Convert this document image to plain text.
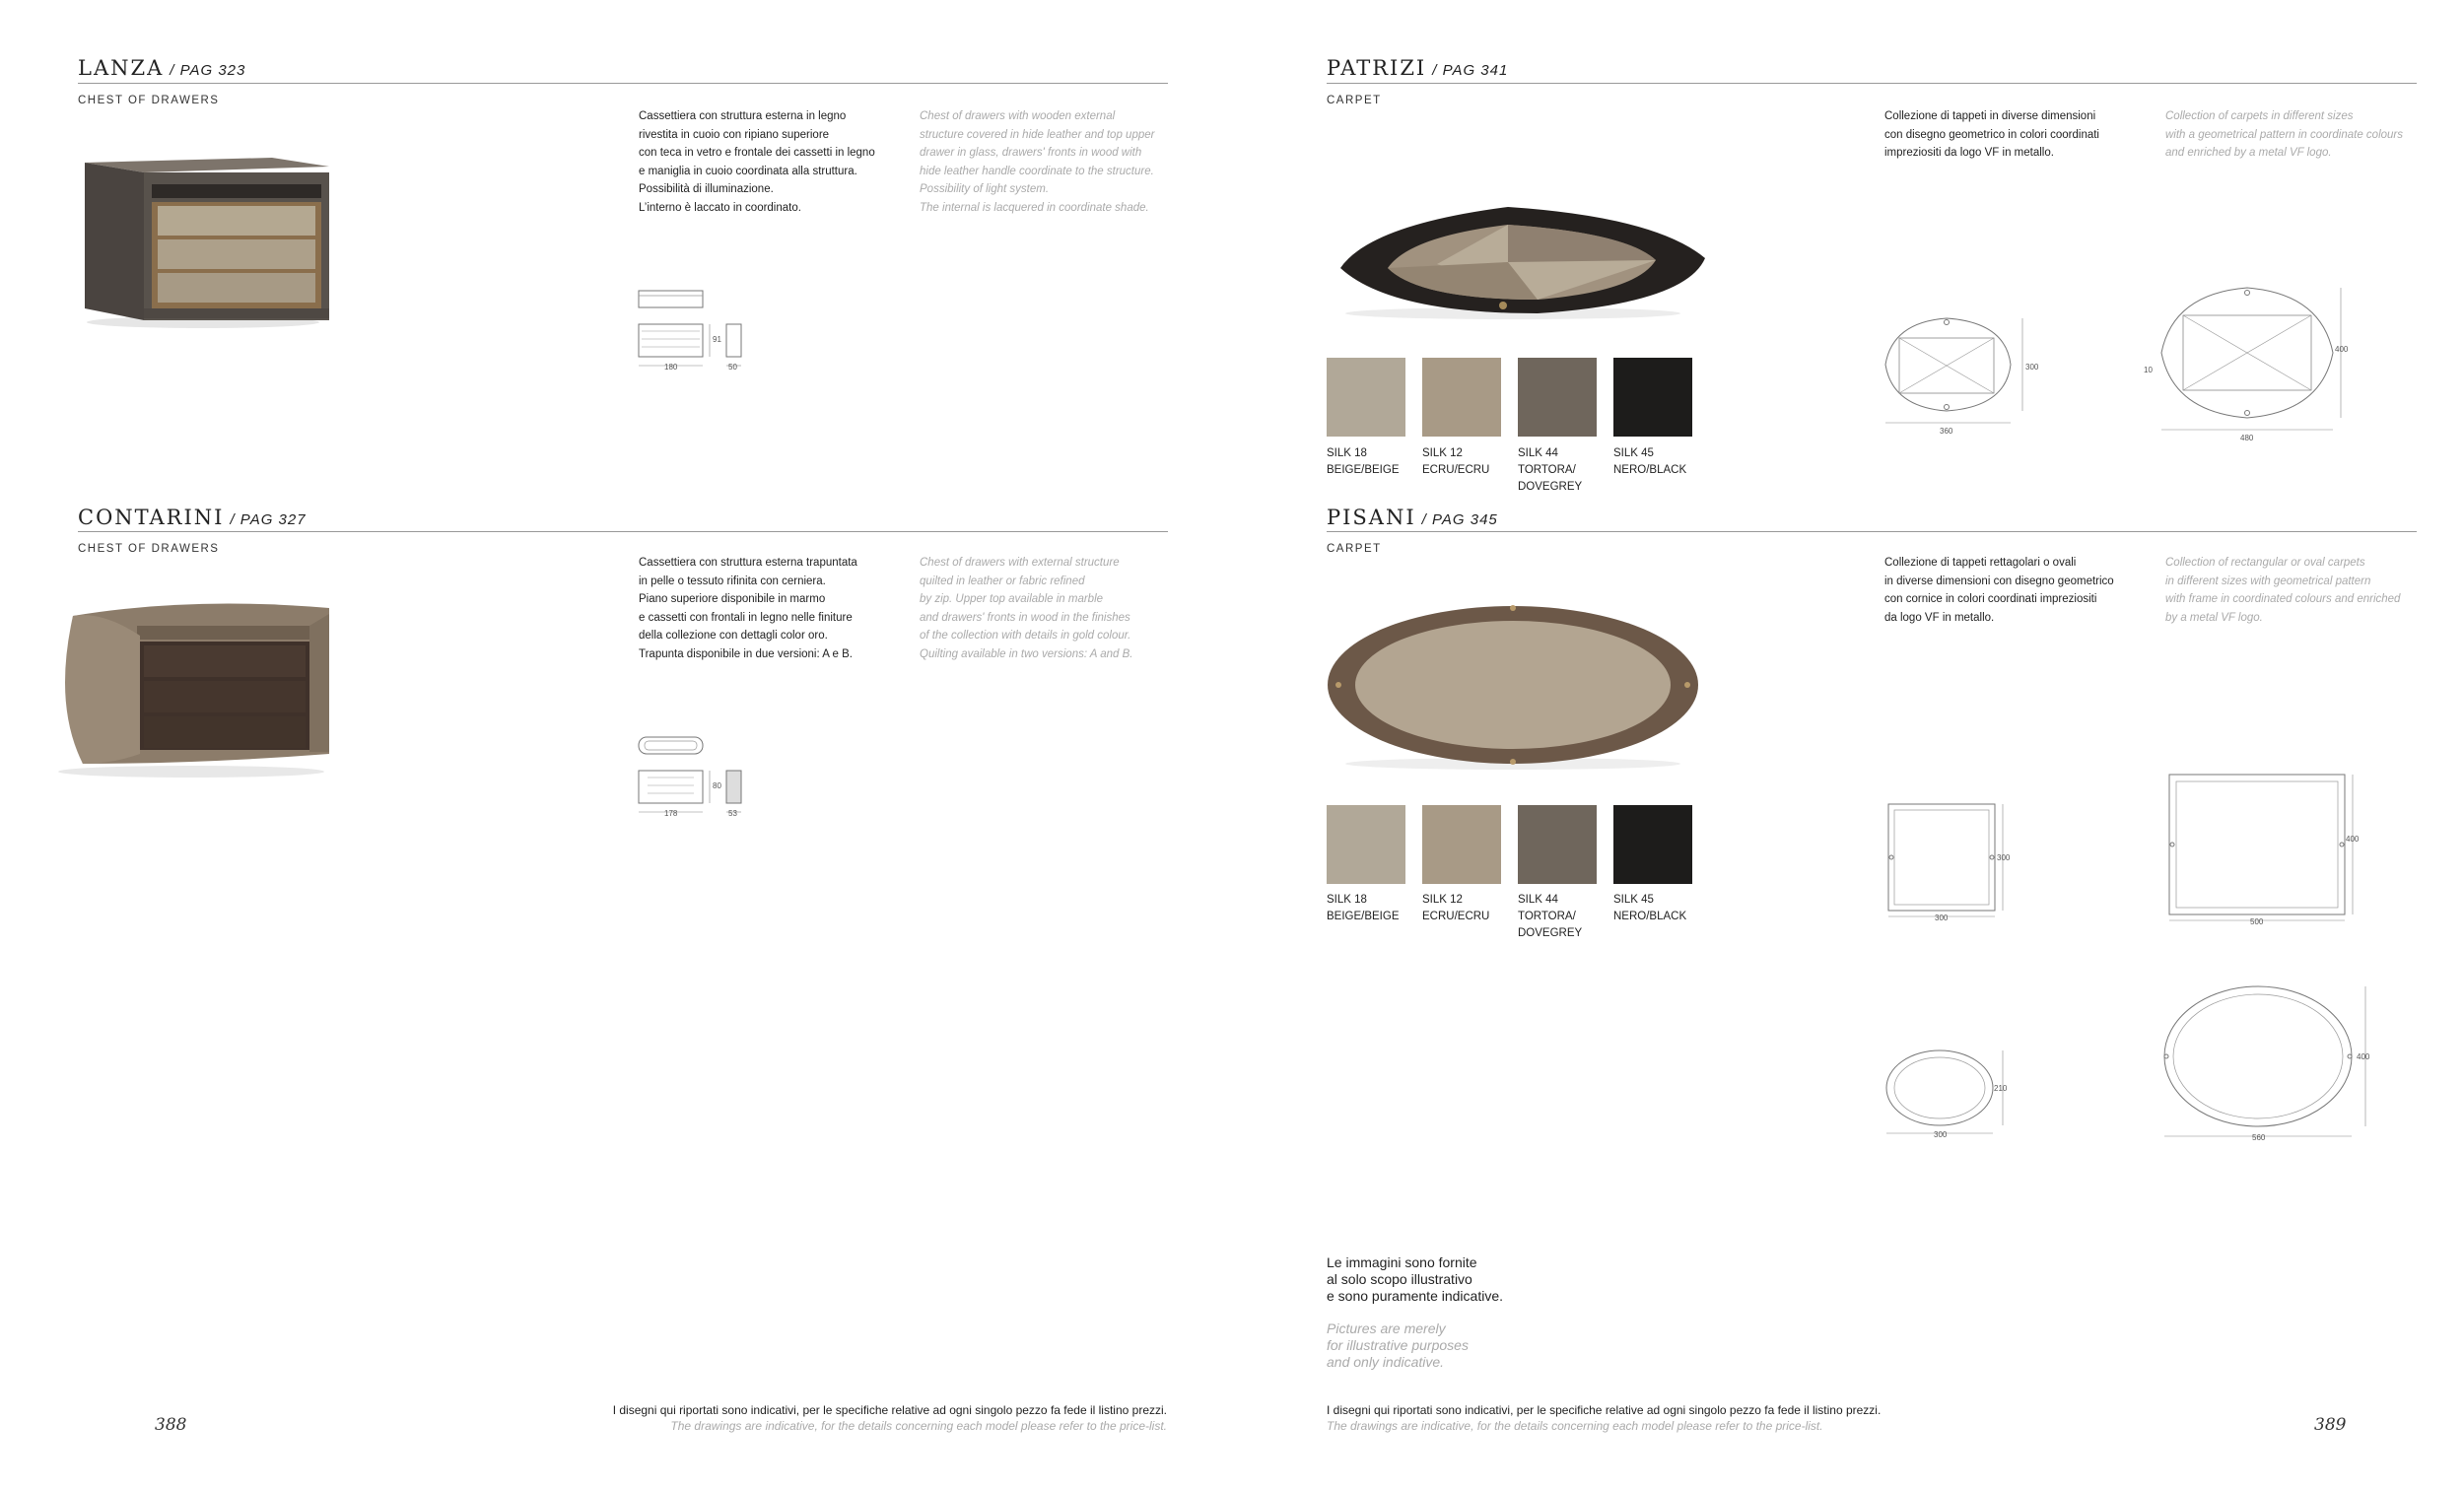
LANZA / PAG 323
CHEST OF DRAWERS
Cassettiera con struttura esterna in legno
rivestita in cuoio con ripiano superiore
con teca in vetro e frontale dei cassetti in legno
e maniglia in cuoio coordinata alla struttura.
Possibilità di illuminazione.
L’interno è laccato in coordinato.
Chest of drawers with wooden external
structure covered in hide leather and top upper
drawer in glass, drawers' fronts in wood with
hide leather handle coordinate to the structure.
Possibility of light system.
The internal is lacquered in coordinate shade.
91
180	50
CONTARINI / PAG 327
CHEST OF DRAWERS
Cassettiera con struttura esterna trapuntata
in pelle o tessuto rifinita con cerniera.
Piano superiore disponibile in marmo
e cassetti con frontali in legno nelle finiture
della collezione con dettagli color oro.
Trapunta disponibile in due versioni: A e B.
Chest of drawers with external structure
quilted in leather or fabric refined
by zip. Upper top available in marble
and drawers' fronts in wood in the finishes
of the collection with details in gold colour.
Quilting available in two versions: A and B.
80
178	53
388
I disegni qui riportati sono indicativi, per le specifiche relative ad ogni singolo pezzo fa fede il listino prezzi.
The drawings are indicative, for the details concerning each model please refer to the price-list.
PATRIZI / PAG 341
CARPET
Collezione di tappeti in diverse dimensioni
con disegno geometrico in colori coordinati
impreziositi da logo VF in metallo.
Collection of carpets in different sizes
with a geometrical pattern in coordinate colours
and enriched by a metal VF logo.
SILK 18
BEIGE/BEIGE
SILK 12
ECRU/ECRU
SILK 44
TORTORA/
DOVEGREY
SILK 45
NERO/BLACK
300
360
10
400
480
PISANI / PAG 345
CARPET
Collezione di tappeti rettagolari o ovali
in diverse dimensioni con disegno geometrico
con cornice in colori coordinati impreziositi
da logo VF in metallo.
Collection of rectangular or oval carpets
in different sizes with geometrical pattern
with frame in coordinated colours and enriched
by a metal VF logo.
SILK 18
BEIGE/BEIGE
SILK 12
ECRU/ECRU
SILK 44
TORTORA/
DOVEGREY
SILK 45
NERO/BLACK
300
300
400
500
210
300
400
560
Le immagini sono fornite
al solo scopo illustrativo
e sono puramente indicative.
Pictures are merely
for illustrative purposes
and only indicative.
I disegni qui riportati sono indicativi, per le specifiche relative ad ogni singolo pezzo fa fede il listino prezzi.
The drawings are indicative, for the details concerning each model please refer to the price-list.	389
